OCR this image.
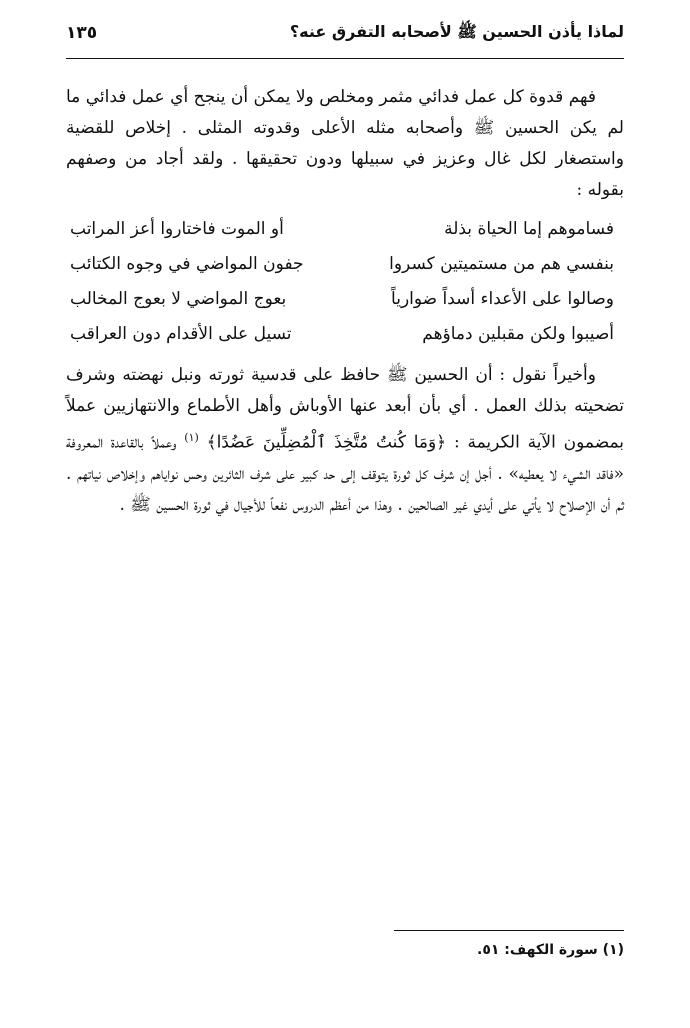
لماذا يأذن الحسين ﷺ لأصحابه التفرق عنه؟
١٣٥

فهم قدوة كل عمل فدائي مثمر ومخلص ولا يمكن أن ينجح أي عمل فدائي ما لم يكن الحسين ﷺ وأصحابه مثله الأعلى وقدوته المثلى . إخلاص للقضية واستصغار لكل غال وعزيز في سبيلها ودون تحقيقها . ولقد أجاد من وصفهم بقوله :

فساموهم إما الحياة بذلة
أو الموت فاختاروا أعز المراتب
بنفسي هم من مستميتين كسروا
جفون المواضي في وجوه الكتائب
وصالوا على الأعداء أسداً ضوارياً
بعوج المواضي لا بعوج المخالب
أصيبوا ولكن مقبلين دماؤهم
تسيل على الأقدام دون العراقب

وأخيراً نقول : أن الحسين ﷺ حافظ على قدسية ثورته ونبل نهضته وشرف تضحيته بذلك العمل . أي بأن أبعد عنها الأوباش وأهل الأطماع والانتهازيين عملاً بمضمون الآية الكريمة : ﴿وَمَا كُنتُ مُتَّخِذَ ٱلْمُضِلِّينَ عَضُدًا﴾ $^{(١)}$ وعملاً بالقاعدة المعروفة «فاقد الشيء لا يعطيه» . أجل إن شرف كل ثورة يتوقف إلى حد كبير على شرف الثائرين وحس نواياهم وإخلاص نياتهم . ثم أن الإصلاح لا يأتي على أيدي غير الصالحين . وهذا من أعظم الدروس نفعاً للأجيال في ثورة الحسين ﷺ .

(١) سورة الكهف: ٥١.
